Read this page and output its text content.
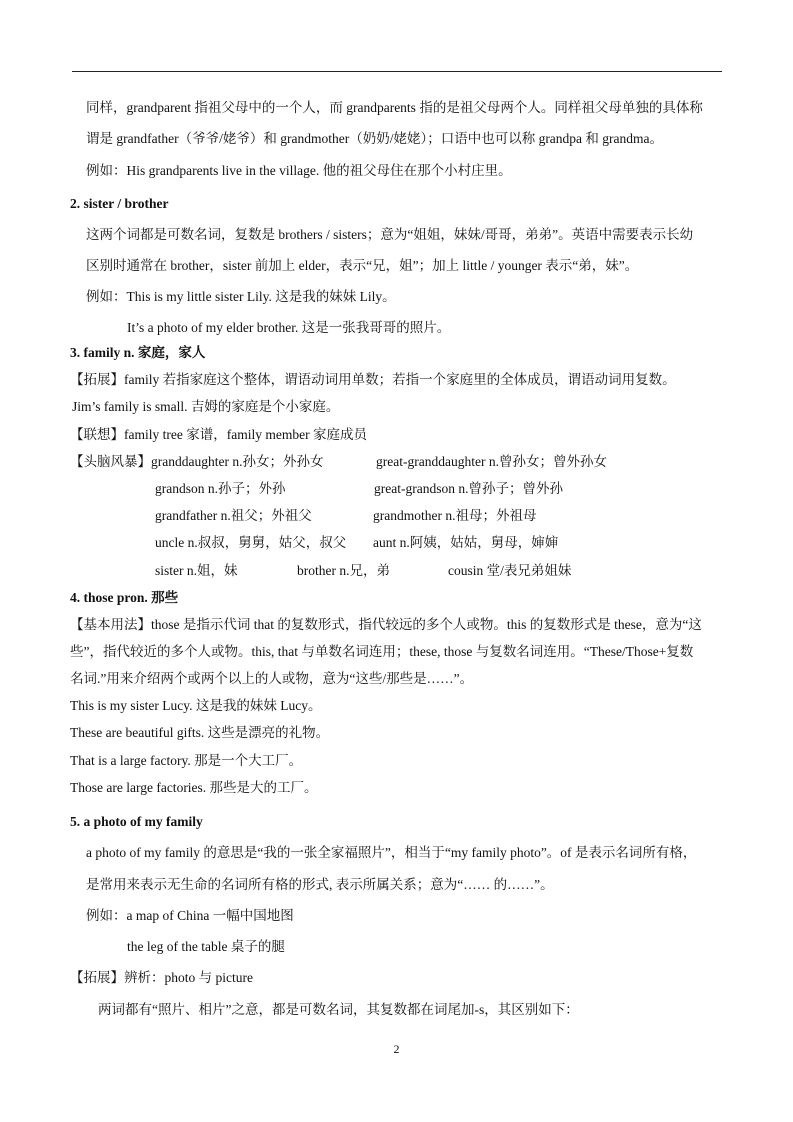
同样，grandparent 指祖父母中的一个人，而 grandparents 指的是祖父母两个人。同样祖父母单独的具体称
谓是 grandfather（爷爷/姥爷）和 grandmother（奶奶/姥姥）；口语中也可以称 grandpa 和 grandma。
例如：His grandparents live in the village. 他的祖父母住在那个小村庄里。
2. sister / brother
这两个词都是可数名词，复数是 brothers / sisters；意为“姐姐，妹妹/哥哥，弟弟”。英语中需要表示长幼
区别时通常在 brother，sister 前加上 elder，表示“兄，姐”；加上 little / younger 表示“弟，妹”。
例如：This is my little sister Lily. 这是我的妹妹 Lily。
It’s a photo of my elder brother. 这是一张我哥哥的照片。
3. family n. 家庭，家人
【拓展】family 若指家庭这个整体，谓语动词用单数；若指一个家庭里的全体成员，谓语动词用复数。
Jim’s family is small. 吉姆的家庭是个小家庭。
【联想】family tree 家谱，family member 家庭成员
【头脑风暴】granddaughter n.孙女；外孙女	great-granddaughter n.曾孙女；曾外孙女
grandson n.孙子；外孙	great-grandson n.曾孙子；曾外孙
grandfather n.祖父；外祖父	grandmother n.祖母；外祖母
uncle n.叔叔，舅舅，姑父，叔父 aunt n.阿姨，姑姑，舅母，婶婶
sister n.姐，妹	brother n.兄，弟	cousin 堂/表兄弟姐妹
4. those pron. 那些
【基本用法】those 是指示代词 that 的复数形式，指代较远的多个人或物。this 的复数形式是 these，意为“这
些”，指代较近的多个人或物。this, that 与单数名词连用；these, those 与复数名词连用。“These/Those+复数
名词.”用来介绍两个或两个以上的人或物，意为“这些/那些是……”。
This is my sister Lucy. 这是我的妹妹 Lucy。
These are beautiful gifts. 这些是漂亮的礼物。
That is a large factory. 那是一个大工厂。
Those are large factories. 那些是大的工厂。
5. a photo of my family
a photo of my family 的意思是“我的一张全家福照片”，相当于“my family photo”。of 是表示名词所有格，
是常用来表示无生命的名词所有格的形式, 表示所属关系；意为“…… 的……”。
例如：a map of China 一幅中国地图
the leg of the table 桌子的腿
【拓展】辨析：photo 与 picture
两词都有“照片、相片”之意，都是可数名词，其复数都在词尾加-s，其区别如下：
2
